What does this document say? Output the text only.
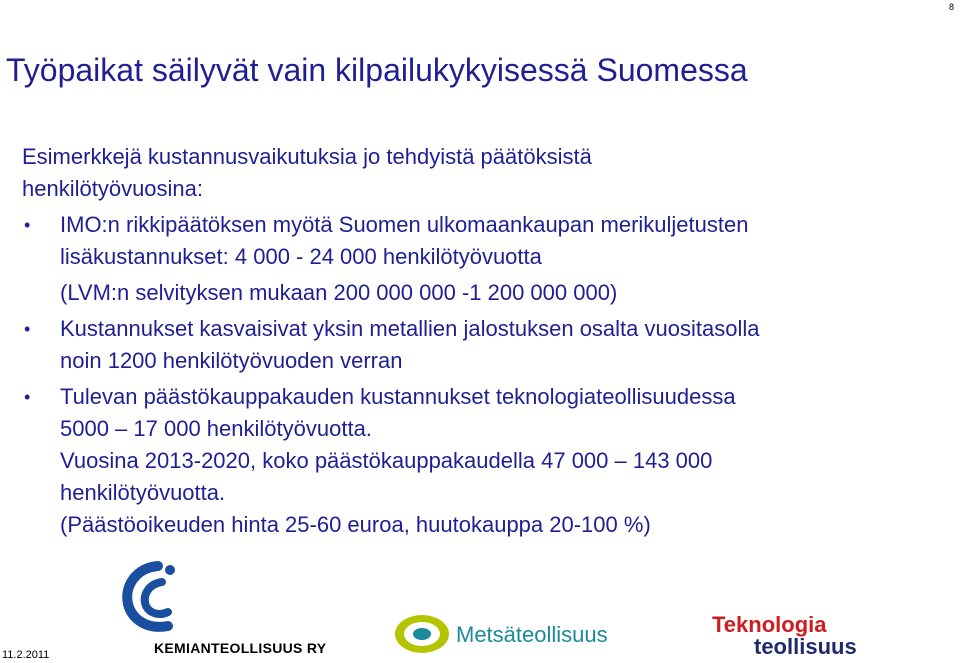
8
Työpaikat säilyvät vain kilpailukykyisessä Suomessa
Esimerkkejä kustannusvaikutuksia jo tehdyistä päätöksistä
henkilötyövuosina:
• IMO:n rikkipäätöksen myötä Suomen ulkomaankaupan merikuljetusten
lisäkustannukset: 4 000 - 24 000 henkilötyövuotta
(LVM:n selvityksen mukaan 200 000 000 -1 200 000 000)
• Kustannukset kasvaisivat yksin metallien jalostuksen osalta vuositasolla
noin 1200 henkilötyövuoden verran
• Tulevan päästökauppakauden kustannukset teknologiateollisuudessa
5000 – 17 000 henkilötyövuotta.
Vuosina 2013-2020, koko päästökauppakaudella 47 000 – 143 000
henkilötyövuotta.
(Päästöoikeuden hinta 25-60 euroa, huutokauppa 20-100 %)
11.2.2011	KEMIANTEOLLISUUS RY
Metsäteollisuus	Teknologia
teollisuus
